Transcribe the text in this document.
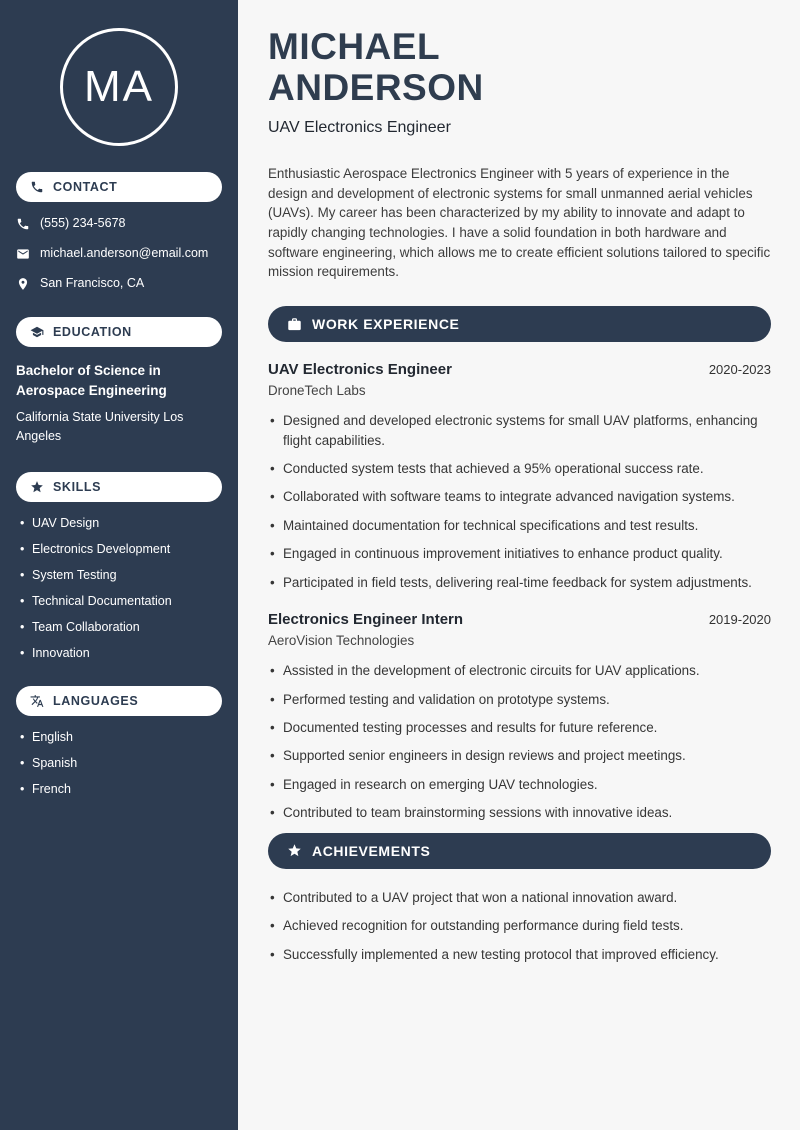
MA
CONTACT
(555) 234-5678
michael.anderson@email.com
San Francisco, CA
EDUCATION
Bachelor of Science in Aerospace Engineering
California State University Los Angeles
SKILLS
• UAV Design
• Electronics Development
• System Testing
• Technical Documentation
• Team Collaboration
• Innovation
LANGUAGES
• English
• Spanish
• French
MICHAEL
ANDERSON
UAV Electronics Engineer

Enthusiastic Aerospace Electronics Engineer with 5 years of experience in the design and development of electronic systems for small unmanned aerial vehicles (UAVs). My career has been characterized by my ability to innovate and adapt to rapidly changing technologies. I have a solid foundation in both hardware and software engineering, which allows me to create efficient solutions tailored to specific mission requirements.

WORK EXPERIENCE
UAV Electronics Engineer	2020-2023
DroneTech Labs
• Designed and developed electronic systems for small UAV platforms, enhancing flight capabilities.
• Conducted system tests that achieved a 95% operational success rate.
• Collaborated with software teams to integrate advanced navigation systems.
• Maintained documentation for technical specifications and test results.
• Engaged in continuous improvement initiatives to enhance product quality.
• Participated in field tests, delivering real-time feedback for system adjustments.
Electronics Engineer Intern	2019-2020
AeroVision Technologies
• Assisted in the development of electronic circuits for UAV applications.
• Performed testing and validation on prototype systems.
• Documented testing processes and results for future reference.
• Supported senior engineers in design reviews and project meetings.
• Engaged in research on emerging UAV technologies.
• Contributed to team brainstorming sessions with innovative ideas.
ACHIEVEMENTS
• Contributed to a UAV project that won a national innovation award.
• Achieved recognition for outstanding performance during field tests.
• Successfully implemented a new testing protocol that improved efficiency.
